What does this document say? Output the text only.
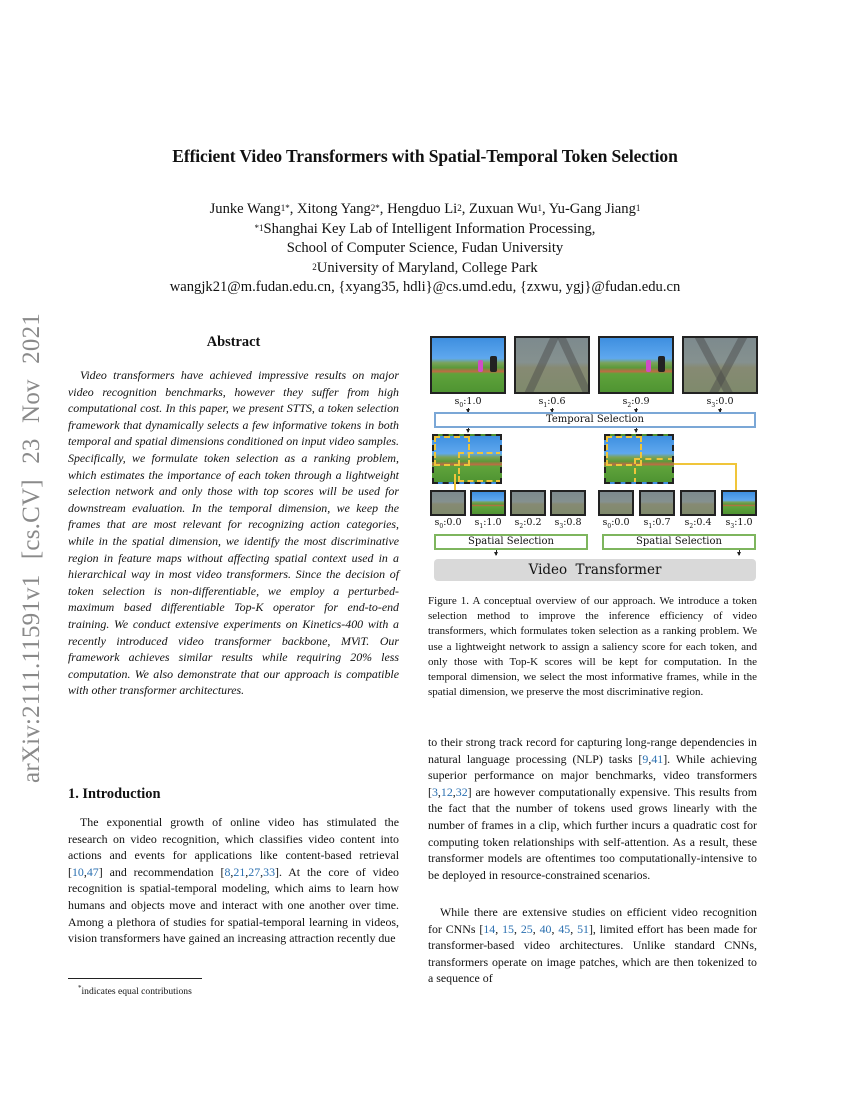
arXiv:2111.11591v1 [cs.CV] 23 Nov 2021
Efficient Video Transformers with Spatial-Temporal Token Selection
Junke Wang$^{1*}$, Xitong Yang$^{2*}$, Hengduo Li$^2$, Zuxuan Wu$^1$, Yu-Gang Jiang$^1$
$^{*1}$Shanghai Key Lab of Intelligent Information Processing,
School of Computer Science, Fudan University
$^2$University of Maryland, College Park
wangjk21@m.fudan.edu.cn, {xyang35, hdli}@cs.umd.edu, {zxwu, ygj}@fudan.edu.cn
Abstract

Video transformers have achieved impressive results on major video recognition benchmarks, however they suffer from high computational cost. In this paper, we present STTS, a token selection framework that dynamically selects a few informative tokens in both temporal and spatial dimensions conditioned on input video samples. Specifically, we formulate token selection as a ranking problem, which estimates the importance of each token through a lightweight selection network and only those with top scores will be used for downstream evaluation. In the temporal dimension, we keep the frames that are most relevant for recognizing action categories, while in the spatial dimension, we identify the most discriminative region in feature maps without affecting spatial context used in a hierarchical way in most video transformers. Since the decision of token selection is non-differentiable, we employ a perturbed-maximum based differentiable Top-K operator for end-to-end training. We conduct extensive experiments on Kinetics-400 with a recently introduced video transformer backbone, MViT. Our framework achieves similar results while requiring 20% less computation. We also demonstrate that our approach is compatible with other transformer architectures.

1. Introduction

The exponential growth of online video has stimulated the research on video recognition, which classifies video content into actions and events for applications like content-based retrieval [10,47] and recommendation [8,21,27,33]. At the core of video recognition is spatial-temporal modeling, which aims to learn how humans and objects move and interact with one another over time. Among a plethora of studies for spatial-temporal learning in videos, vision transformers have gained an increasing attraction recently due

*indicates equal contributions
$s_0:1.0$	$s_1:0.6$	$s_2:0.9$	$s_3:0.0$
Temporal Selection
$s_0:0.0$ $s_1:1.0$ $s_2:0.2$ $s_3:0.8$ $s_0:0.0$ $s_1:0.7$ $s_2:0.4$ $s_3:1.0$
Spatial Selection	Spatial Selection
Video Transformer

Figure 1. A conceptual overview of our approach. We introduce a token selection method to improve the inference efficiency of video transformers, which formulates token selection as a ranking problem. We use a lightweight network to assign a saliency score for each token, and only those with Top-K scores will be kept for computation. In the temporal dimension, we select the most informative frames, while in the spatial dimension, we preserve the most discriminative region.

to their strong track record for capturing long-range dependencies in natural language processing (NLP) tasks [9,41]. While achieving superior performance on major benchmarks, video transformers [3,12,32] are however computationally expensive. This results from the fact that the number of tokens used grows linearly with the number of frames in a clip, which further incurs a quadratic cost for computing token relationships with self-attention. As a result, these transformer models are oftentimes too computationally-intensive to be deployed in resource-constrained scenarios.

While there are extensive studies on efficient video recognition for CNNs [14, 15, 25, 40, 45, 51], limited effort has been made for transformer-based video architectures. Unlike standard CNNs, transformers operate on image patches, which are then tokenized to a sequence of
